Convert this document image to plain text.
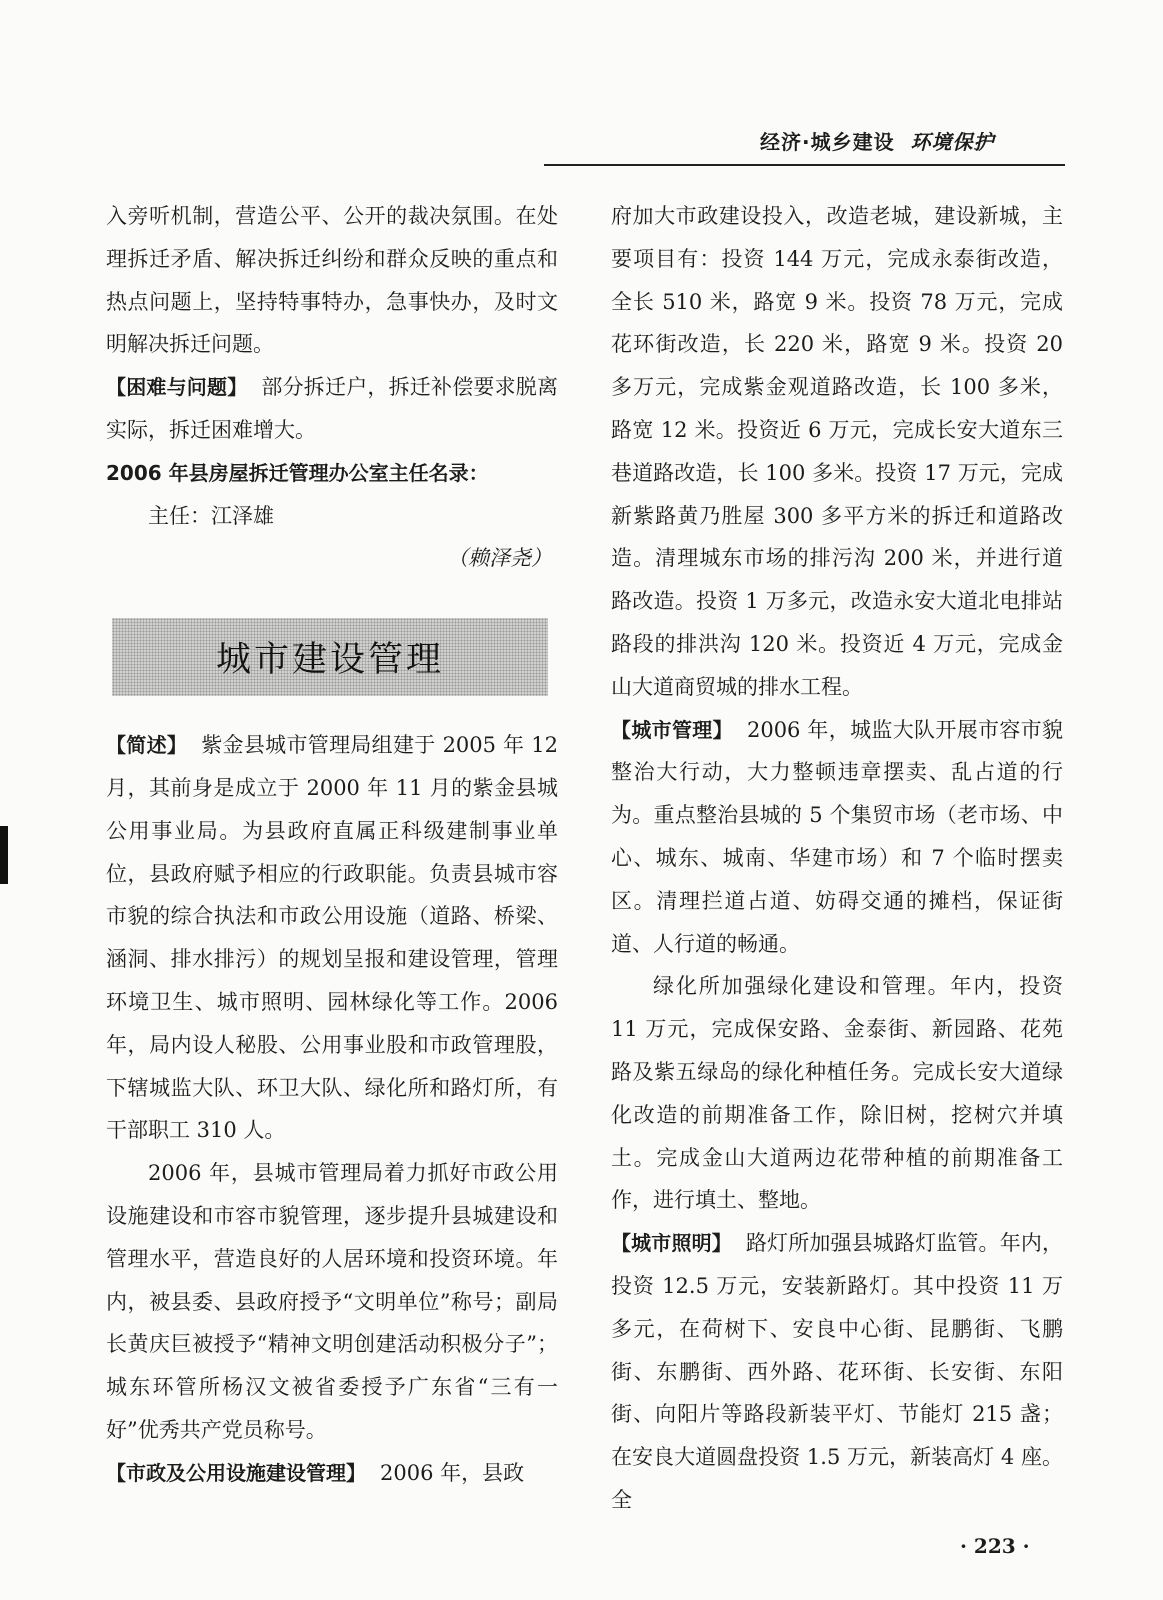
经济·城乡建设 环境保护

入旁听机制，营造公平、公开的裁决氛围。在处理拆迁矛盾、解决拆迁纠纷和群众反映的重点和热点问题上，坚持特事特办，急事快办，及时文明解决拆迁问题。

【困难与问题】 部分拆迁户，拆迁补偿要求脱离实际，拆迁困难增大。

2006 年县房屋拆迁管理办公室主任名录：

主任：江泽雄

（赖泽尧）

城市建设管理

【简述】 紫金县城市管理局组建于 2005 年 12 月，其前身是成立于 2000 年 11 月的紫金县城公用事业局。为县政府直属正科级建制事业单位，县政府赋予相应的行政职能。负责县城市容市貌的综合执法和市政公用设施（道路、桥梁、涵洞、排水排污）的规划呈报和建设管理，管理环境卫生、城市照明、园林绿化等工作。2006 年，局内设人秘股、公用事业股和市政管理股，下辖城监大队、环卫大队、绿化所和路灯所，有干部职工 310 人。

2006 年，县城市管理局着力抓好市政公用设施建设和市容市貌管理，逐步提升县城建设和管理水平，营造良好的人居环境和投资环境。年内，被县委、县政府授予“文明单位”称号；副局长黄庆巨被授予“精神文明创建活动积极分子”；城东环管所杨汉文被省委授予广东省“三有一好”优秀共产党员称号。

【市政及公用设施建设管理】 2006 年，县政

府加大市政建设投入，改造老城，建设新城，主要项目有：投资 144 万元，完成永泰街改造，全长 510 米，路宽 9 米。投资 78 万元，完成花环街改造，长 220 米，路宽 9 米。投资 20 多万元，完成紫金观道路改造，长 100 多米，路宽 12 米。投资近 6 万元，完成长安大道东三巷道路改造，长 100 多米。投资 17 万元，完成新紫路黄乃胜屋 300 多平方米的拆迁和道路改造。清理城东市场的排污沟 200 米，并进行道路改造。投资 1 万多元，改造永安大道北电排站路段的排洪沟 120 米。投资近 4 万元，完成金山大道商贸城的排水工程。

【城市管理】 2006 年，城监大队开展市容市貌整治大行动，大力整顿违章摆卖、乱占道的行为。重点整治县城的 5 个集贸市场（老市场、中心、城东、城南、华建市场）和 7 个临时摆卖区。清理拦道占道、妨碍交通的摊档，保证街道、人行道的畅通。

绿化所加强绿化建设和管理。年内，投资 11 万元，完成保安路、金泰街、新园路、花苑路及紫五绿岛的绿化种植任务。完成长安大道绿化改造的前期准备工作，除旧树，挖树穴并填土。完成金山大道两边花带种植的前期准备工作，进行填土、整地。

【城市照明】 路灯所加强县城路灯监管。年内，投资 12.5 万元，安装新路灯。其中投资 11 万多元，在荷树下、安良中心街、昆鹏街、飞鹏街、东鹏街、西外路、花环街、长安街、东阳街、向阳片等路段新装平灯、节能灯 215 盏；在安良大道圆盘投资 1.5 万元，新装高灯 4 座。全

· 223 ·
